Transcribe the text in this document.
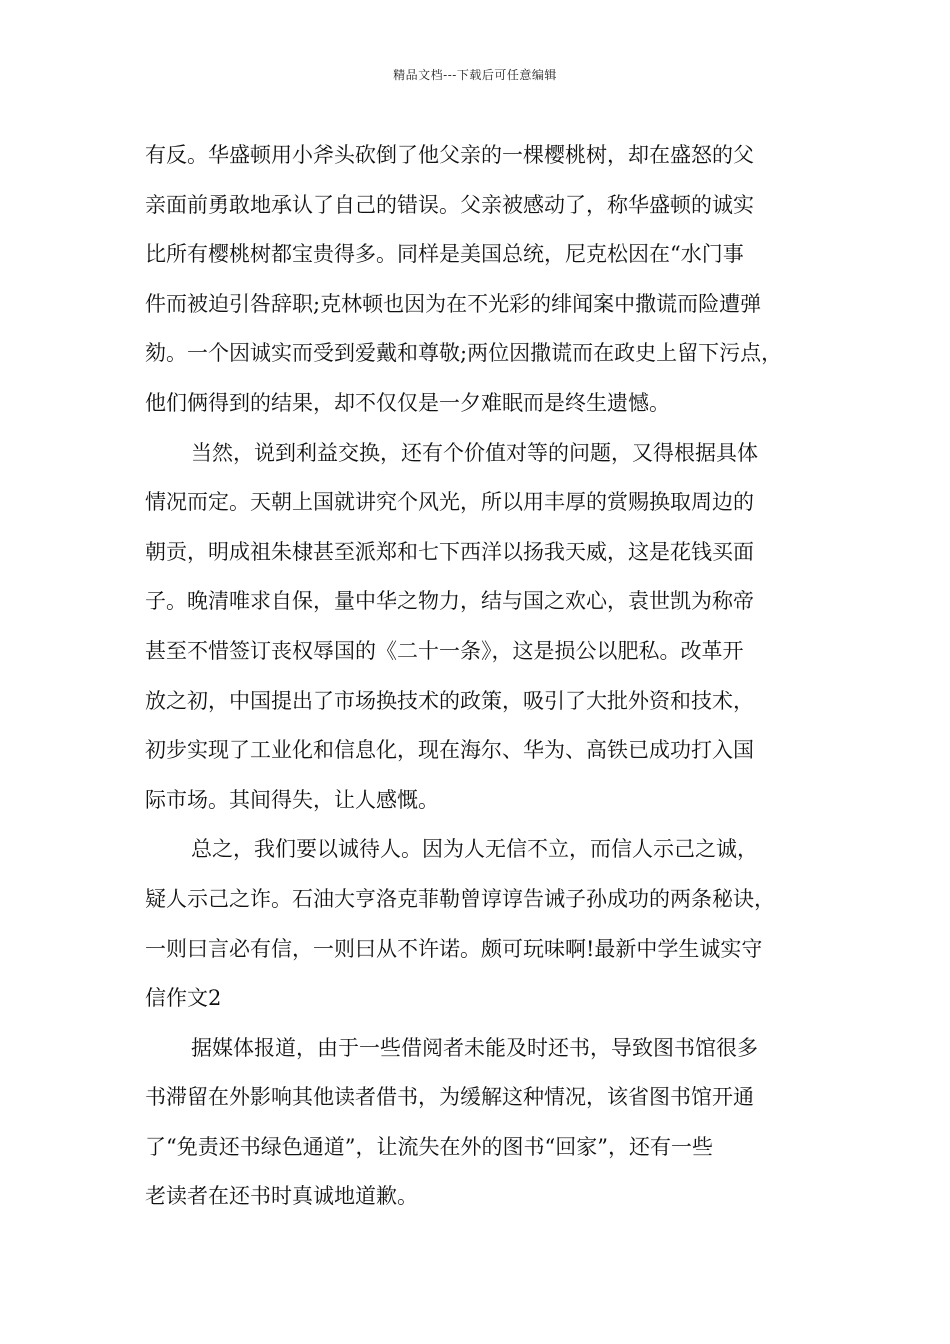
精品文档---下载后可任意编辑
有反。华盛顿用小斧头砍倒了他父亲的一棵樱桃树，却在盛怒的父
亲面前勇敢地承认了自己的错误。父亲被感动了，称华盛顿的诚实
比所有樱桃树都宝贵得多。同样是美国总统，尼克松因在“水门事
件而被迫引咎辞职;克林顿也因为在不光彩的绯闻案中撒谎而险遭弹
劾。一个因诚实而受到爱戴和尊敬;两位因撒谎而在政史上留下污点，
他们俩得到的结果，却不仅仅是一夕难眠而是终生遗憾。
当然，说到利益交换，还有个价值对等的问题，又得根据具体
情况而定。天朝上国就讲究个风光，所以用丰厚的赏赐换取周边的
朝贡，明成祖朱棣甚至派郑和七下西洋以扬我天威，这是花钱买面
子。晚清唯求自保，量中华之物力，结与国之欢心，袁世凯为称帝
甚至不惜签订丧权辱国的《二十一条》，这是损公以肥私。改革开
放之初，中国提出了市场换技术的政策，吸引了大批外资和技术，
初步实现了工业化和信息化，现在海尔、华为、高铁已成功打入国
际市场。其间得失，让人感慨。
总之，我们要以诚待人。因为人无信不立，而信人示己之诚，
疑人示己之诈。石油大亨洛克菲勒曾谆谆告诫子孙成功的两条秘诀，
一则曰言必有信，一则曰从不许诺。颇可玩味啊!最新中学生诚实守
信作文2
据媒体报道，由于一些借阅者未能及时还书，导致图书馆很多
书滞留在外影响其他读者借书，为缓解这种情况，该省图书馆开通
了“免责还书绿色通道”，让流失在外的图书“回家”，还有一些
老读者在还书时真诚地道歉。
